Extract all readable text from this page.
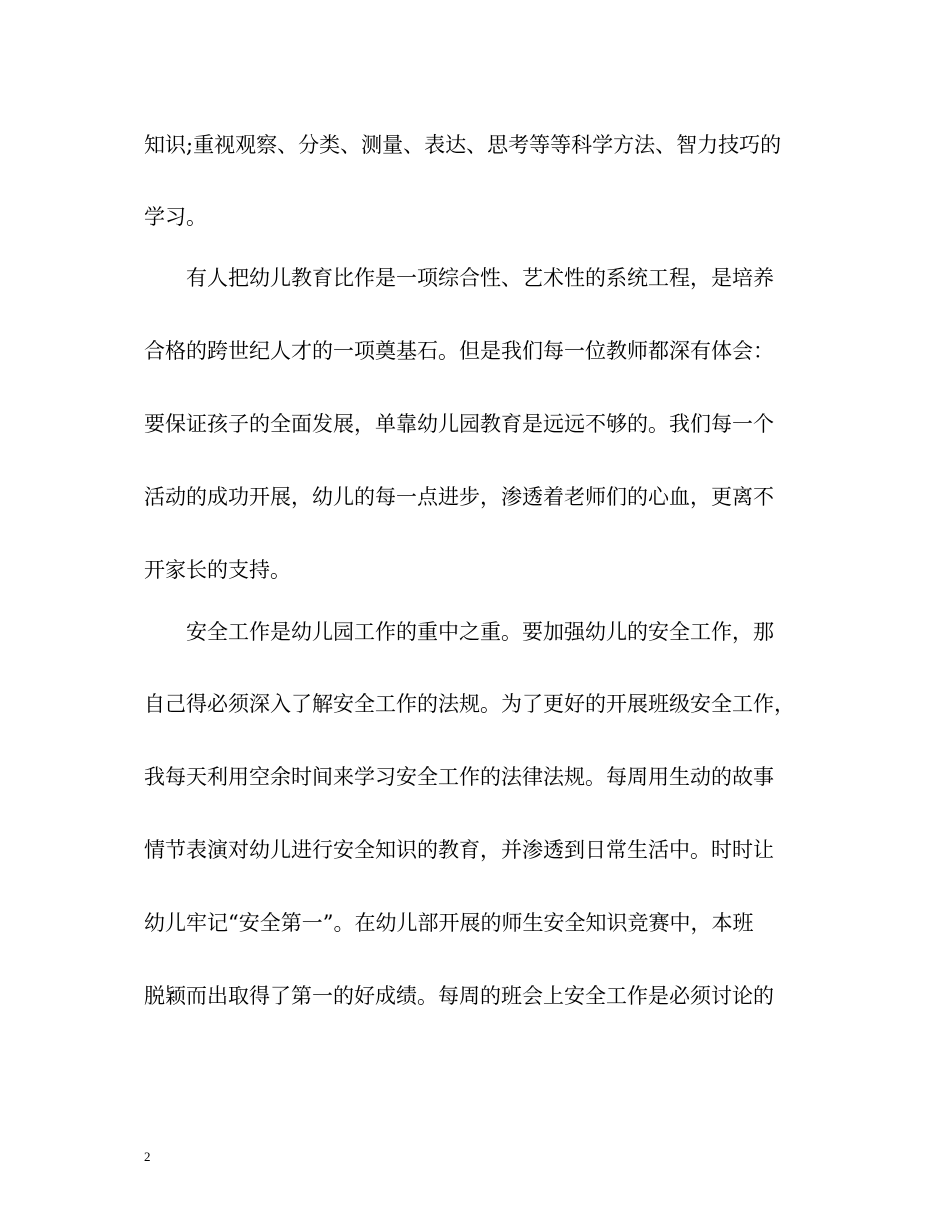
知识;重视观察、分类、测量、表达、思考等等科学方法、智力技巧的
学习。
有人把幼儿教育比作是一项综合性、艺术性的系统工程，是培养
合格的跨世纪人才的一项奠基石。但是我们每一位教师都深有体会：
要保证孩子的全面发展，单靠幼儿园教育是远远不够的。我们每一个
活动的成功开展，幼儿的每一点进步，渗透着老师们的心血，更离不
开家长的支持。
安全工作是幼儿园工作的重中之重。要加强幼儿的安全工作，那
自己得必须深入了解安全工作的法规。为了更好的开展班级安全工作，
我每天利用空余时间来学习安全工作的法律法规。每周用生动的故事
情节表演对幼儿进行安全知识的教育，并渗透到日常生活中。时时让
幼儿牢记“安全第一”。在幼儿部开展的师生安全知识竞赛中，本班
脱颖而出取得了第一的好成绩。每周的班会上安全工作是必须讨论的
2
